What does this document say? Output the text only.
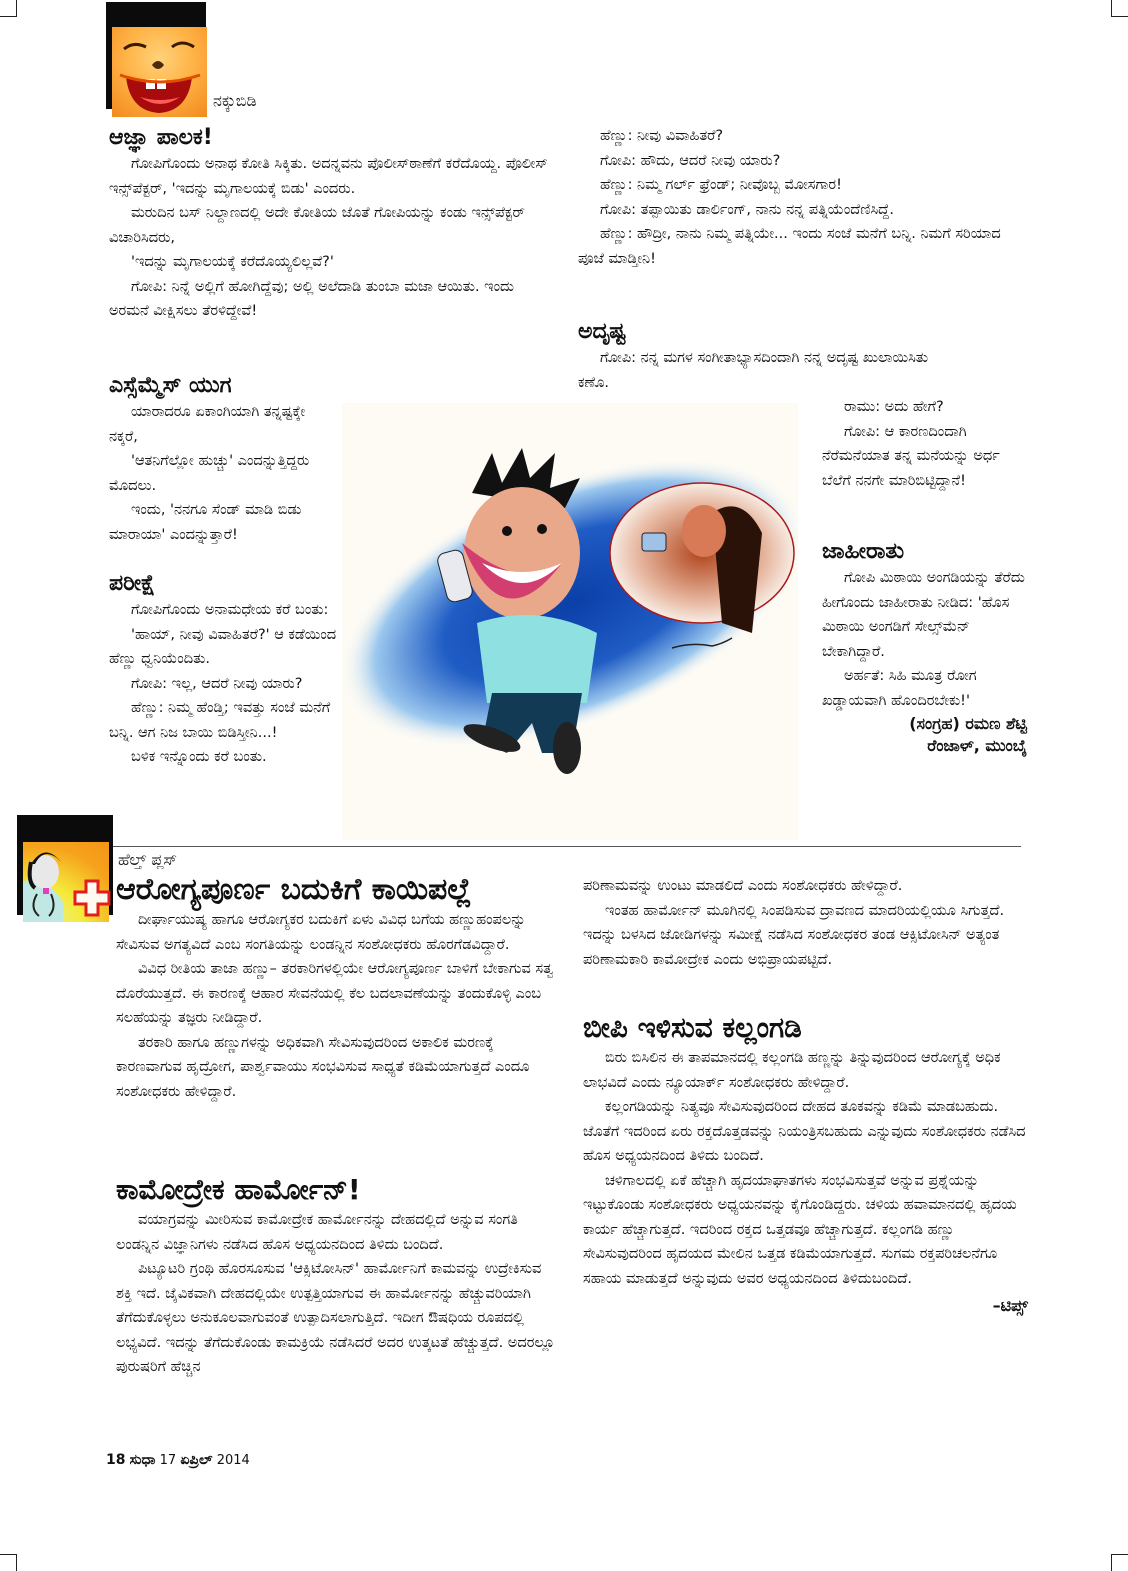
ನಕ್ಕುಬಿಡಿ
ಆಜ್ಞಾ ಪಾಲಕ!

ಗೋಪಿಗೊಂದು ಅನಾಥ ಕೋತಿ ಸಿಕ್ಕಿತು. ಅದನ್ನವನು ಪೊಲೀಸ್‌ಠಾಣೆಗೆ ಕರೆದೊಯ್ದ. ಪೊಲೀಸ್ ಇನ್ಸ್‌ಪೆಕ್ಟರ್, 'ಇದನ್ನು ಮೃಗಾಲಯಕ್ಕೆ ಬಿಡು' ಎಂದರು.

ಮರುದಿನ ಬಸ್ ನಿಲ್ದಾಣದಲ್ಲಿ ಅದೇ ಕೋತಿಯ ಜೊತೆ ಗೋಪಿಯನ್ನು ಕಂಡು ಇನ್ಸ್‌ಪೆಕ್ಟರ್ ವಿಚಾರಿಸಿದರು,

'ಇದನ್ನು ಮೃಗಾಲಯಕ್ಕೆ ಕರೆದೊಯ್ಯಲಿಲ್ಲವೆ?'

ಗೋಪಿ: ನಿನ್ನೆ ಅಲ್ಲಿಗೆ ಹೋಗಿದ್ದೆವು; ಅಲ್ಲಿ ಅಲೆದಾಡಿ ತುಂಬಾ ಮಜಾ ಆಯಿತು. ಇಂದು ಅರಮನೆ ವೀಕ್ಷಿಸಲು ತೆರಳಿದ್ದೇವೆ!

ಎಸ್ಸೆಮ್ಮೆಸ್ ಯುಗ

ಯಾರಾದರೂ ಏಕಾಂಗಿಯಾಗಿ ತನ್ನಷ್ಟಕ್ಕೇ ನಕ್ಕರೆ,

'ಆತನಿಗೆಲ್ಲೋ ಹುಚ್ಚು' ಎಂದನ್ನುತ್ತಿದ್ದರು ಮೊದಲು.

ಇಂದು, 'ನನಗೂ ಸೆಂಡ್ ಮಾಡಿ ಬಿಡು ಮಾರಾಯಾ' ಎಂದನ್ನುತ್ತಾರೆ!

ಪರೀಕ್ಷೆ

ಗೋಪಿಗೊಂದು ಅನಾಮಧೇಯ ಕರೆ ಬಂತು:

'ಹಾಯ್, ನೀವು ವಿವಾಹಿತರೆ?' ಆ ಕಡೆಯಿಂದ ಹೆಣ್ಣು ಧ್ವನಿಯೆಂದಿತು.

ಗೋಪಿ: ಇಲ್ಲ, ಆದರೆ ನೀವು ಯಾರು?

ಹೆಣ್ಣು: ನಿಮ್ಮ ಹೆಂಡ್ತಿ; ಇವತ್ತು ಸಂಜೆ ಮನೆಗೆ ಬನ್ನಿ. ಆಗ ನಿಜ ಬಾಯಿ ಬಿಡಿಸ್ತೀನಿ...!

ಬಳಿಕ ಇನ್ನೊಂದು ಕರೆ ಬಂತು.

ಹೆಣ್ಣು: ನೀವು ವಿವಾಹಿತರೆ?

ಗೋಪಿ: ಹೌದು, ಆದರೆ ನೀವು ಯಾರು?

ಹೆಣ್ಣು: ನಿಮ್ಮ ಗರ್ಲ್ ಫ್ರೆಂಡ್; ನೀವೊಬ್ಬ ಮೋಸಗಾರ!

ಗೋಪಿ: ತಪ್ಪಾಯಿತು ಡಾರ್ಲಿಂಗ್, ನಾನು ನನ್ನ ಪತ್ನಿಯೆಂದೆಣಿಸಿದ್ದೆ.

ಹೆಣ್ಣು: ಹೌದ್ರೀ, ನಾನು ನಿಮ್ಮ ಪತ್ನಿಯೇ... ಇಂದು ಸಂಜೆ ಮನೆಗೆ ಬನ್ನಿ. ನಿಮಗೆ ಸರಿಯಾದ ಪೂಜೆ ಮಾಡ್ತೀನಿ!

ಅದೃಷ್ಟ

ಗೋಪಿ: ನನ್ನ ಮಗಳ ಸಂಗೀತಾಭ್ಯಾಸದಿಂದಾಗಿ ನನ್ನ ಅದೃಷ್ಟ ಖುಲಾಯಿಸಿತು ಕಣೊ.

ರಾಮು: ಅದು ಹೇಗೆ?

ಗೋಪಿ: ಆ ಕಾರಣದಿಂದಾಗಿ ನೆರೆಮನೆಯಾತ ತನ್ನ ಮನೆಯನ್ನು ಅರ್ಧ ಬೆಲೆಗೆ ನನಗೇ ಮಾರಿಬಿಟ್ಟಿದ್ದಾನೆ!

ಜಾಹೀರಾತು

ಗೋಪಿ ಮಿಠಾಯಿ ಅಂಗಡಿಯನ್ನು ತೆರೆದು ಹೀಗೊಂದು ಜಾಹೀರಾತು ನೀಡಿದ: 'ಹೊಸ ಮಿಠಾಯಿ ಅಂಗಡಿಗೆ ಸೇಲ್ಸ್‌ಮೆನ್ ಬೇಕಾಗಿದ್ದಾರೆ.

ಅರ್ಹತೆ: ಸಿಹಿ ಮೂತ್ರ ರೋಗ ಖಡ್ಡಾಯವಾಗಿ ಹೊಂದಿರಬೇಕು!'

(ಸಂಗ್ರಹ) ರಮಣ ಶೆಟ್ಟಿ
ರೆಂಜಾಳ್, ಮುಂಬೈ
ಹೆಲ್ತ್ ಪ್ಲಸ್
ಆರೋಗ್ಯಪೂರ್ಣ ಬದುಕಿಗೆ ಕಾಯಿಪಲ್ಲೆ

ದೀರ್ಘಾಯುಷ್ಯ ಹಾಗೂ ಆರೋಗ್ಯಕರ ಬದುಕಿಗೆ ಏಳು ವಿವಿಧ ಬಗೆಯ ಹಣ್ಣುಹಂಪಲನ್ನು ಸೇವಿಸುವ ಅಗತ್ಯವಿದೆ ಎಂಬ ಸಂಗತಿಯನ್ನು ಲಂಡನ್ನಿನ ಸಂಶೋಧಕರು ಹೊರಗೆಡವಿದ್ದಾರೆ.

ವಿವಿಧ ರೀತಿಯ ತಾಜಾ ಹಣ್ಣು– ತರಕಾರಿಗಳಲ್ಲಿಯೇ ಆರೋಗ್ಯಪೂರ್ಣ ಬಾಳಿಗೆ ಬೇಕಾಗುವ ಸತ್ವ ದೊರೆಯುತ್ತದೆ. ಈ ಕಾರಣಕ್ಕೆ ಆಹಾರ ಸೇವನೆಯಲ್ಲಿ ಕೆಲ ಬದಲಾವಣೆಯನ್ನು ತಂದುಕೊಳ್ಳಿ ಎಂಬ ಸಲಹೆಯನ್ನು ತಜ್ಞರು ನೀಡಿದ್ದಾರೆ.

ತರಕಾರಿ ಹಾಗೂ ಹಣ್ಣುಗಳನ್ನು ಅಧಿಕವಾಗಿ ಸೇವಿಸುವುದರಿಂದ ಅಕಾಲಿಕ ಮರಣಕ್ಕೆ ಕಾರಣವಾಗುವ ಹೃದ್ರೋಗ, ಪಾರ್ಶ್ವವಾಯು ಸಂಭವಿಸುವ ಸಾಧ್ಯತೆ ಕಡಿಮೆಯಾಗುತ್ತದೆ ಎಂದೂ ಸಂಶೋಧಕರು ಹೇಳಿದ್ದಾರೆ.

ಕಾಮೋದ್ರೇಕ ಹಾರ್ಮೋನ್!

ವಯಾಗ್ರವನ್ನು ಮೀರಿಸುವ ಕಾಮೋದ್ರೇಕ ಹಾರ್ಮೋನನ್ನು ದೇಹದಲ್ಲಿದೆ ಅನ್ನುವ ಸಂಗತಿ ಲಂಡನ್ನಿನ ವಿಜ್ಞಾನಿಗಳು ನಡೆಸಿದ ಹೊಸ ಅಧ್ಯಯನದಿಂದ ತಿಳಿದು ಬಂದಿದೆ.

ಪಿಟ್ಯೂಟರಿ ಗ್ರಂಥಿ ಹೊರಸೂಸುವ 'ಆಕ್ಸಿಟೋಸಿನ್' ಹಾರ್ಮೋನಿಗೆ ಕಾಮವನ್ನು ಉದ್ರೇಕಿಸುವ ಶಕ್ತಿ ಇದೆ. ಜೈವಿಕವಾಗಿ ದೇಹದಲ್ಲಿಯೇ ಉತ್ಪತ್ತಿಯಾಗುವ ಈ ಹಾರ್ಮೋನನ್ನು ಹೆಚ್ಚುವರಿಯಾಗಿ ತೆಗೆದುಕೊಳ್ಳಲು ಅನುಕೂಲವಾಗುವಂತೆ ಉತ್ಪಾದಿಸಲಾಗುತ್ತಿದೆ. ಇದೀಗ ಔಷಧಿಯ ರೂಪದಲ್ಲಿ ಲಭ್ಯವಿದೆ. ಇದನ್ನು ತೆಗೆದುಕೊಂಡು ಕಾಮಕ್ರಿಯೆ ನಡೆಸಿದರೆ ಅದರ ಉತ್ಕಟತೆ ಹೆಚ್ಚುತ್ತದೆ. ಅದರಲ್ಲೂ ಪುರುಷರಿಗೆ ಹೆಚ್ಚಿನ

ಪರಿಣಾಮವನ್ನು ಉಂಟು ಮಾಡಲಿದೆ ಎಂದು ಸಂಶೋಧಕರು ಹೇಳಿದ್ದಾರೆ.

ಇಂತಹ ಹಾರ್ಮೋನ್ ಮೂಗಿನಲ್ಲಿ ಸಿಂಪಡಿಸುವ ದ್ರಾವಣದ ಮಾದರಿಯಲ್ಲಿಯೂ ಸಿಗುತ್ತದೆ. ಇದನ್ನು ಬಳಸಿದ ಜೋಡಿಗಳನ್ನು ಸಮೀಕ್ಷೆ ನಡೆಸಿದ ಸಂಶೋಧಕರ ತಂಡ ಆಕ್ಸಿಟೋಸಿನ್ ಅತ್ಯಂತ ಪರಿಣಾಮಕಾರಿ ಕಾಮೋದ್ರೇಕ ಎಂದು ಅಭಿಪ್ರಾಯಪಟ್ಟಿದೆ.

ಬೀಪಿ ಇಳಿಸುವ ಕಲ್ಲಂಗಡಿ

ಬಿರು ಬಿಸಿಲಿನ ಈ ತಾಪಮಾನದಲ್ಲಿ ಕಲ್ಲಂಗಡಿ ಹಣ್ಣನ್ನು ತಿನ್ನುವುದರಿಂದ ಆರೋಗ್ಯಕ್ಕೆ ಅಧಿಕ ಲಾಭವಿದೆ ಎಂದು ನ್ಯೂಯಾರ್ಕ್ ಸಂಶೋಧಕರು ಹೇಳಿದ್ದಾರೆ.

ಕಲ್ಲಂಗಡಿಯನ್ನು ನಿತ್ಯವೂ ಸೇವಿಸುವುದರಿಂದ ದೇಹದ ತೂಕವನ್ನು ಕಡಿಮೆ ಮಾಡಬಹುದು. ಜೊತೆಗೆ ಇದರಿಂದ ಏರು ರಕ್ತದೊತ್ತಡವನ್ನು ನಿಯಂತ್ರಿಸಬಹುದು ಎನ್ನುವುದು ಸಂಶೋಧಕರು ನಡೆಸಿದ ಹೊಸ ಅಧ್ಯಯನದಿಂದ ತಿಳಿದು ಬಂದಿದೆ.

ಚಳಿಗಾಲದಲ್ಲಿ ಏಕೆ ಹೆಚ್ಚಾಗಿ ಹೃದಯಾಘಾತಗಳು ಸಂಭವಿಸುತ್ತವೆ ಅನ್ನುವ ಪ್ರಶ್ನೆಯನ್ನು ಇಟ್ಟುಕೊಂಡು ಸಂಶೋಧಕರು ಅಧ್ಯಯನವನ್ನು ಕೈಗೊಂಡಿದ್ದರು. ಚಳಿಯ ಹವಾಮಾನದಲ್ಲಿ ಹೃದಯ ಕಾರ್ಯ ಹೆಚ್ಚಾಗುತ್ತದೆ. ಇದರಿಂದ ರಕ್ತದ ಒತ್ತಡವೂ ಹೆಚ್ಚಾಗುತ್ತದೆ. ಕಲ್ಲಂಗಡಿ ಹಣ್ಣು ಸೇವಿಸುವುದರಿಂದ ಹೃದಯದ ಮೇಲಿನ ಒತ್ತಡ ಕಡಿಮೆಯಾಗುತ್ತದೆ. ಸುಗಮ ರಕ್ತಪರಿಚಲನೆಗೂ ಸಹಾಯ ಮಾಡುತ್ತದೆ ಅನ್ನುವುದು ಅವರ ಅಧ್ಯಯನದಿಂದ ತಿಳಿದುಬಂದಿದೆ.

–ಟಿಪ್ಸ್
18 ಸುಧಾ 17 ಏಪ್ರಿಲ್ 2014
